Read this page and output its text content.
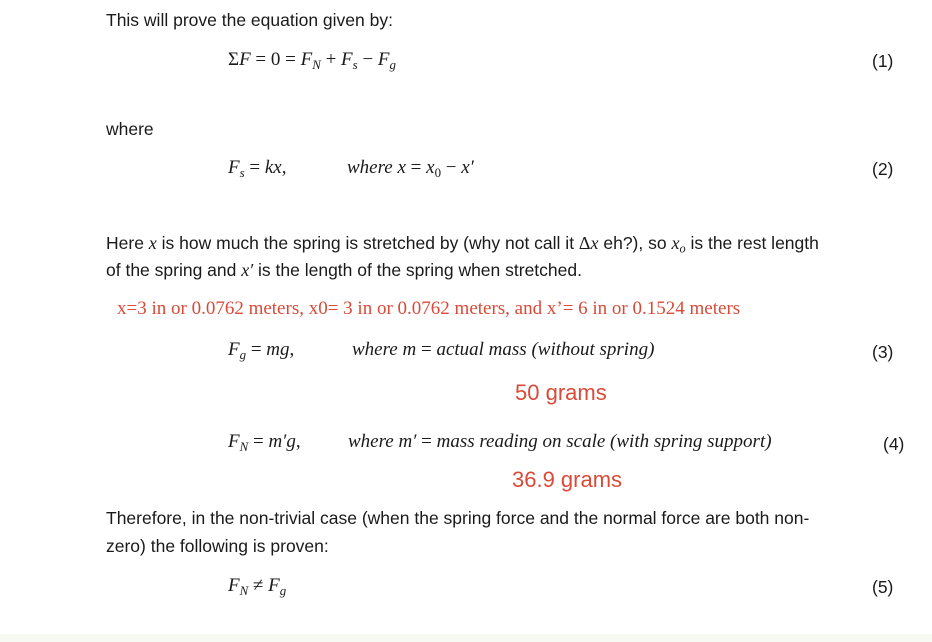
This will prove the equation given by:
$\Sigma F = 0 = F_N + F_s - F_g$	(1)
where
$F_s$ = kx,	where $x = x_0 - x'$	(2)
Here x is how much the spring is stretched by (why not call it Δx eh?), so $x_o$ is the rest length
of the spring and x′ is the length of the spring when stretched.
x=3 in or 0.0762 meters, x0= 3 in or 0.0762 meters, and x’= 6 in or 0.1524 meters
$F_g$ = mg,	where m = actual mass (without spring)	(3)
50 grams
$F_N = m'g$, where m′ = mass reading on scale (with spring support)	(4)
36.9 grams
Therefore, in the non-trivial case (when the spring force and the normal force are both non-
zero) the following is proven:
$F_N \ne F_g$	(5)
